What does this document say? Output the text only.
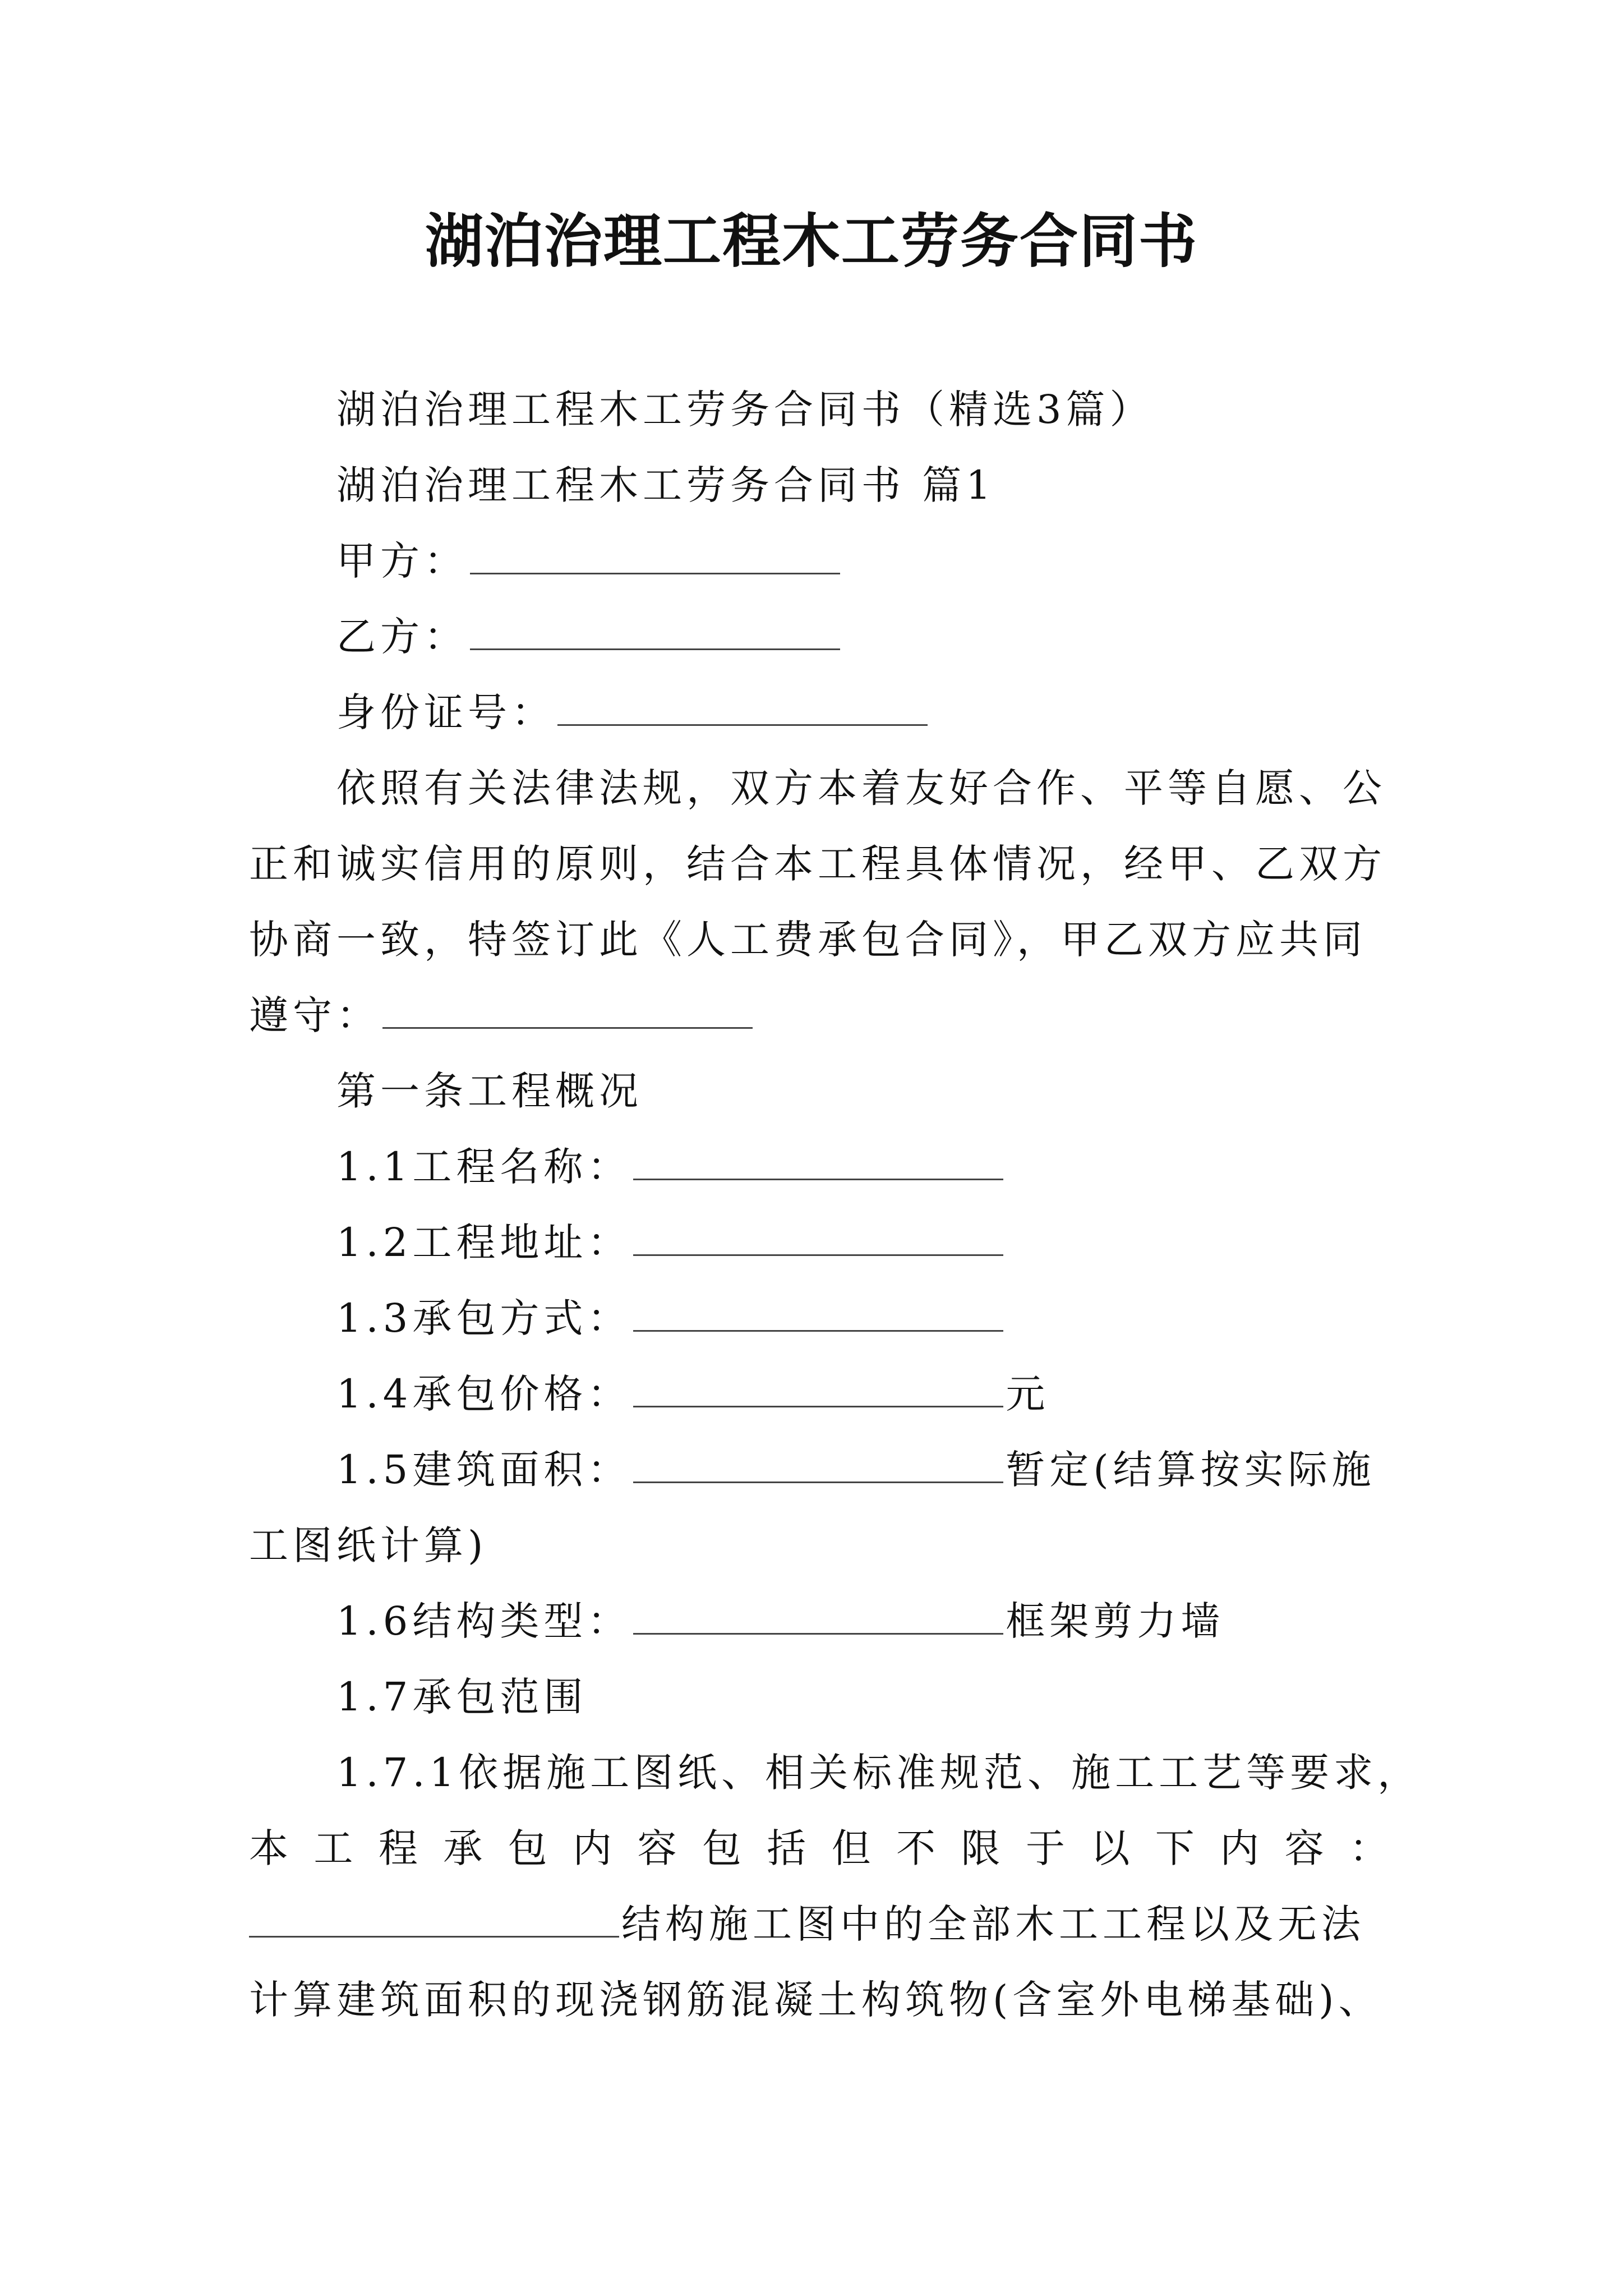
湖泊治理工程木工劳务合同书
湖泊治理工程木工劳务合同书（精选3篇）
湖泊治理工程木工劳务合同书 篇1
甲方：
乙方：
身份证号：
依照有关法律法规，双方本着友好合作、平等自愿、公
正和诚实信用的原则，结合本工程具体情况，经甲、乙双方
协商一致，特签订此《人工费承包合同》，甲乙双方应共同
遵守：
第一条工程概况
1.1工程名称：
1.2工程地址：
1.3承包方式：
1.4承包价格：	元
1.5建筑面积：	暂定(结算按实际施
工图纸计算)
1.6结构类型：	框架剪力墙
1.7承包范围
1.7.1依据施工图纸、相关标准规范、施工工艺等要求，
本工程承包内容包括但不限于以下内容：
结构施工图中的全部木工工程以及无法
计算建筑面积的现浇钢筋混凝土构筑物(含室外电梯基础)、
